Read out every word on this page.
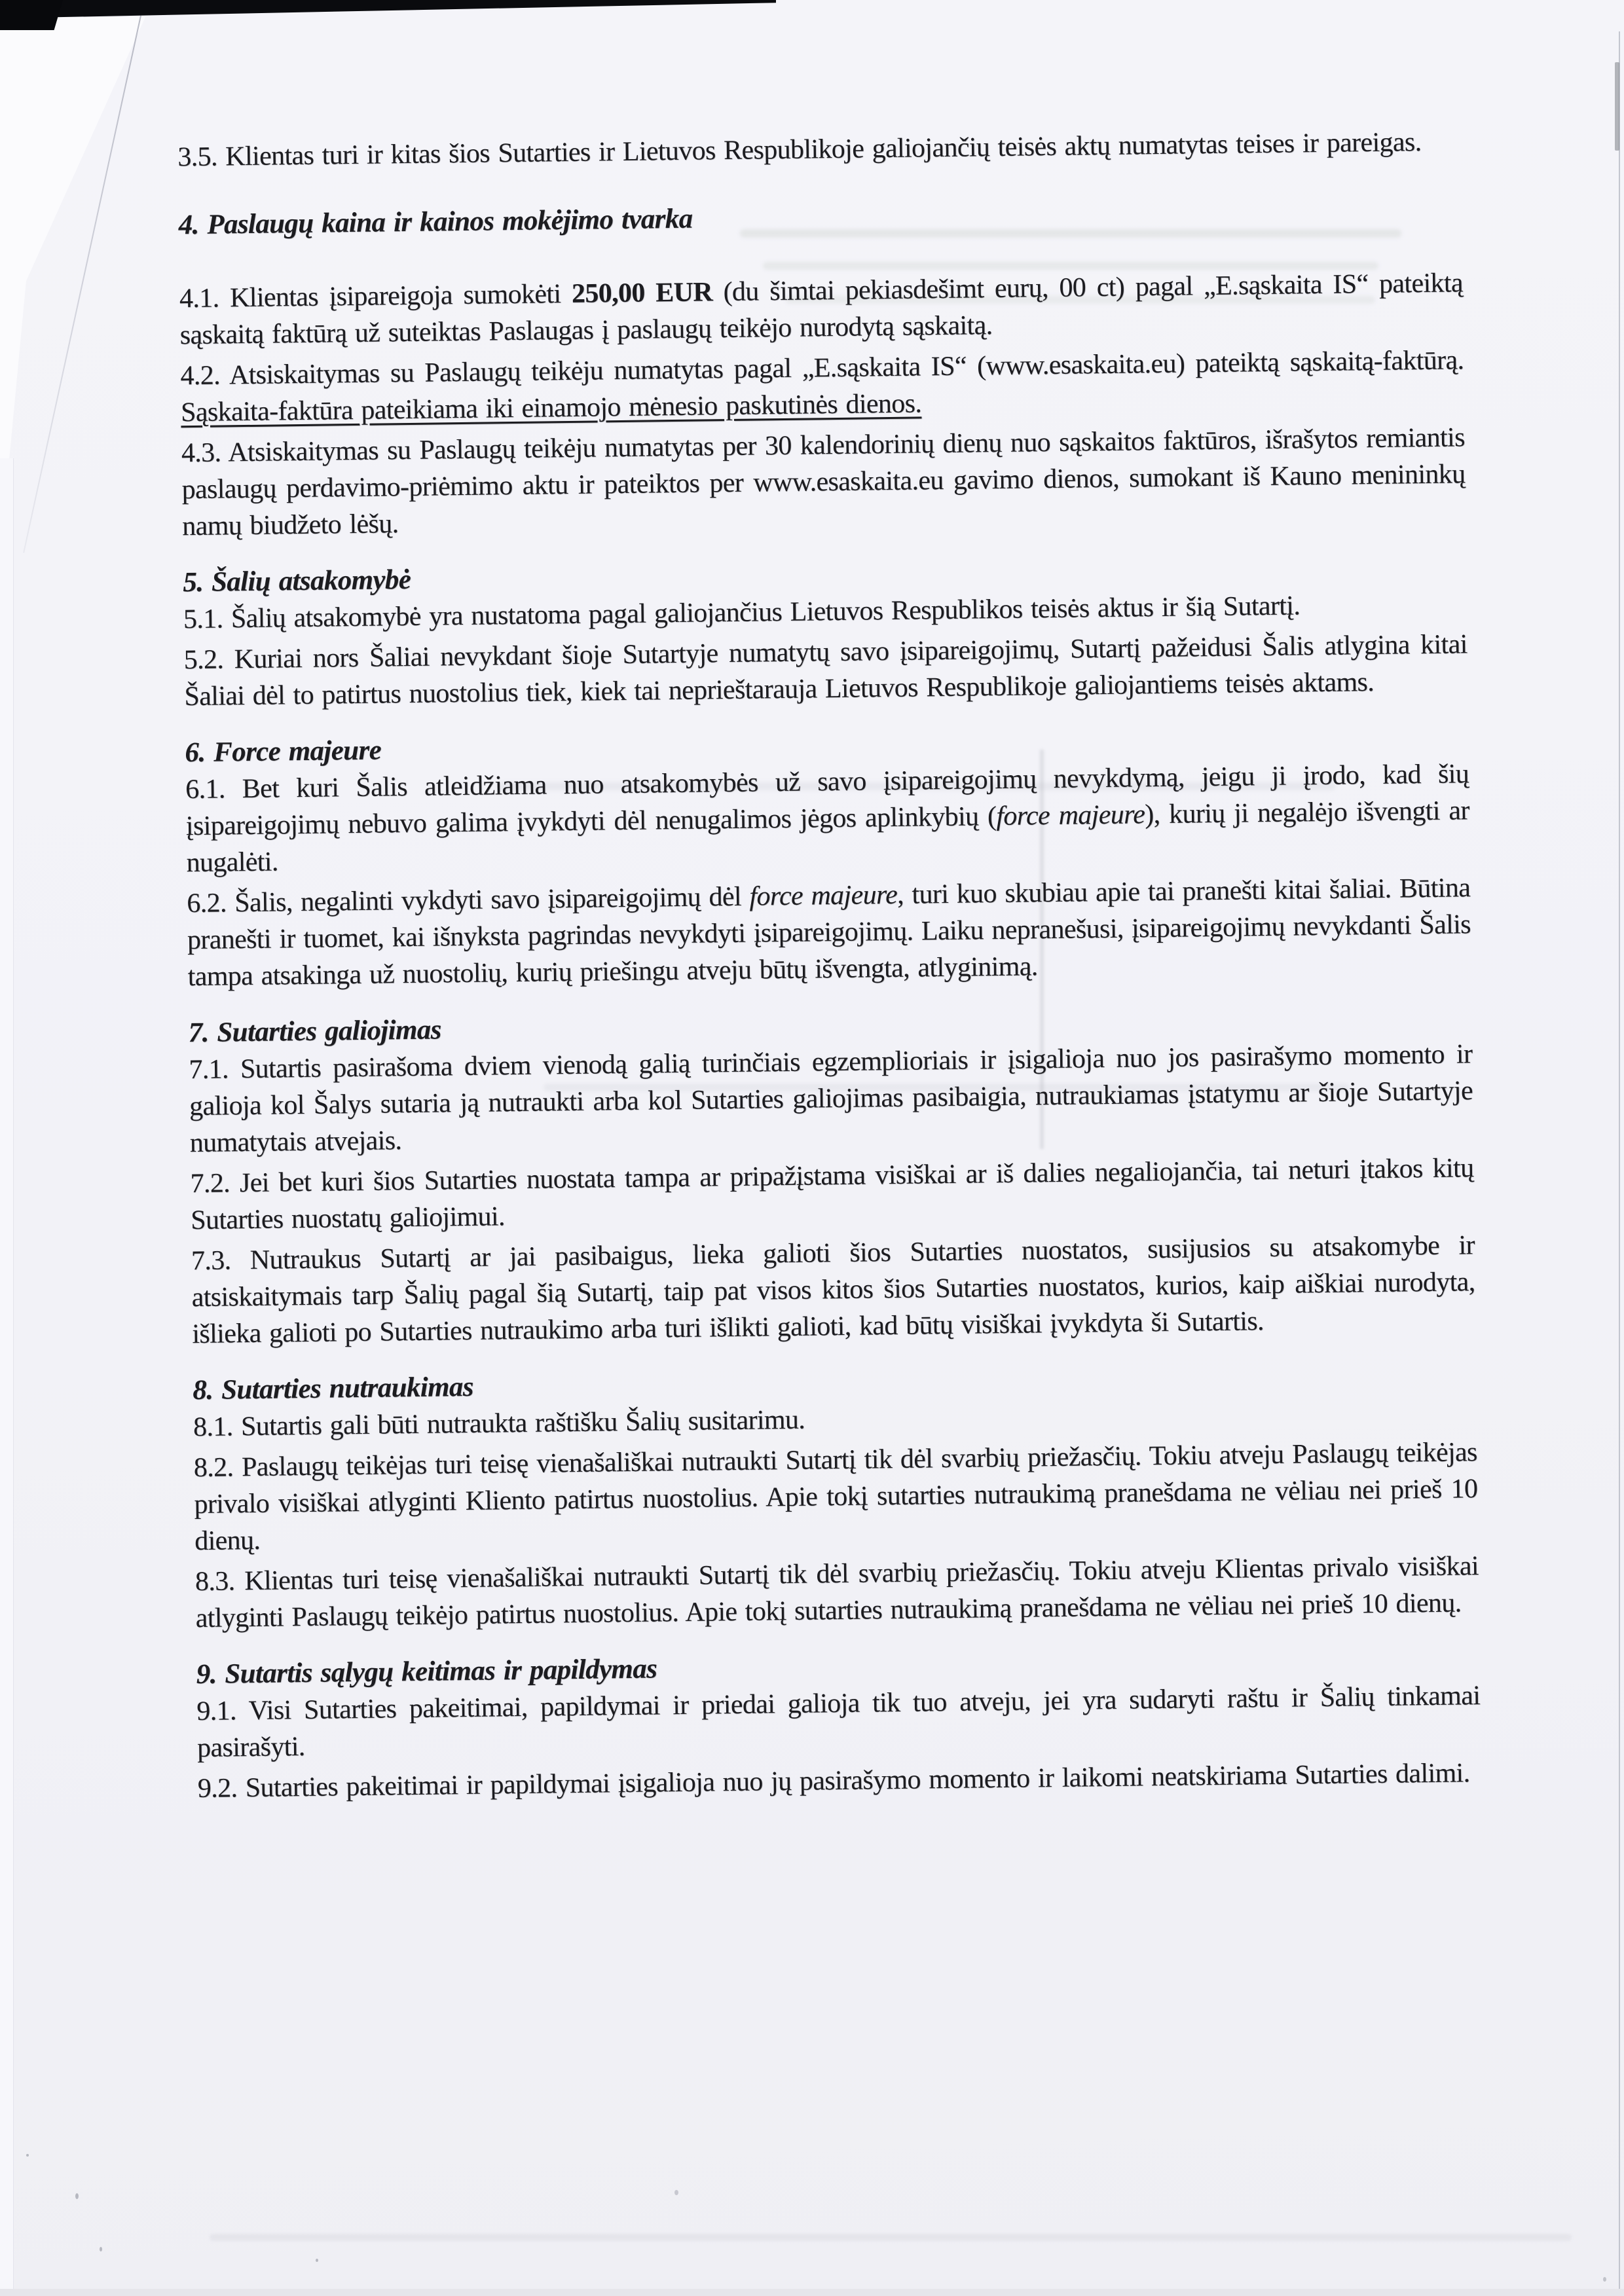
3.5. Klientas turi ir kitas šios Sutarties ir Lietuvos Respublikoje galiojančių teisės aktų numatytas teises ir pareigas.

4. Paslaugų kaina ir kainos mokėjimo tvarka

4.1. Klientas įsipareigoja sumokėti 250,00 EUR (du šimtai pekiasdešimt eurų, 00 ct) pagal „E.sąskaita IS“ pateiktą sąskaitą faktūrą už suteiktas Paslaugas į paslaugų teikėjo nurodytą sąskaitą.

4.2. Atsiskaitymas su Paslaugų teikėju numatytas pagal „E.sąskaita IS“ (www.esaskaita.eu) pateiktą sąskaitą-faktūrą. Sąskaita-faktūra pateikiama iki einamojo mėnesio paskutinės dienos.

4.3. Atsiskaitymas su Paslaugų teikėju numatytas per 30 kalendorinių dienų nuo sąskaitos faktūros, išrašytos remiantis paslaugų perdavimo-priėmimo aktu ir pateiktos per www.esaskaita.eu gavimo dienos, sumokant iš Kauno menininkų namų biudžeto lėšų.

5. Šalių atsakomybė

5.1. Šalių atsakomybė yra nustatoma pagal galiojančius Lietuvos Respublikos teisės aktus ir šią Sutartį.

5.2. Kuriai nors Šaliai nevykdant šioje Sutartyje numatytų savo įsipareigojimų, Sutartį pažeidusi Šalis atlygina kitai Šaliai dėl to patirtus nuostolius tiek, kiek tai neprieštarauja Lietuvos Respublikoje galiojantiems teisės aktams.

6. Force majeure

6.1. Bet kuri Šalis atleidžiama nuo atsakomybės už savo įsipareigojimų nevykdymą, jeigu ji įrodo, kad šių įsipareigojimų nebuvo galima įvykdyti dėl nenugalimos jėgos aplinkybių (force majeure), kurių ji negalėjo išvengti ar nugalėti.

6.2. Šalis, negalinti vykdyti savo įsipareigojimų dėl force majeure, turi kuo skubiau apie tai pranešti kitai šaliai. Būtina pranešti ir tuomet, kai išnyksta pagrindas nevykdyti įsipareigojimų. Laiku nepranešusi, įsipareigojimų nevykdanti Šalis tampa atsakinga už nuostolių, kurių priešingu atveju būtų išvengta, atlyginimą.

7. Sutarties galiojimas

7.1. Sutartis pasirašoma dviem vienodą galią turinčiais egzemplioriais ir įsigalioja nuo jos pasirašymo momento ir galioja kol Šalys sutaria ją nutraukti arba kol Sutarties galiojimas pasibaigia, nutraukiamas įstatymu ar šioje Sutartyje numatytais atvejais.

7.2. Jei bet kuri šios Sutarties nuostata tampa ar pripažįstama visiškai ar iš dalies negaliojančia, tai neturi įtakos kitų Sutarties nuostatų galiojimui.

7.3. Nutraukus Sutartį ar jai pasibaigus, lieka galioti šios Sutarties nuostatos, susijusios su atsakomybe ir atsiskaitymais tarp Šalių pagal šią Sutartį, taip pat visos kitos šios Sutarties nuostatos, kurios, kaip aiškiai nurodyta, išlieka galioti po Sutarties nutraukimo arba turi išlikti galioti, kad būtų visiškai įvykdyta ši Sutartis.

8. Sutarties nutraukimas

8.1. Sutartis gali būti nutraukta raštišku Šalių susitarimu.

8.2. Paslaugų teikėjas turi teisę vienašališkai nutraukti Sutartį tik dėl svarbių priežasčių. Tokiu atveju Paslaugų teikėjas privalo visiškai atlyginti Kliento patirtus nuostolius. Apie tokį sutarties nutraukimą pranešdama ne vėliau nei prieš 10 dienų.

8.3. Klientas turi teisę vienašališkai nutraukti Sutartį tik dėl svarbių priežasčių. Tokiu atveju Klientas privalo visiškai atlyginti Paslaugų teikėjo patirtus nuostolius. Apie tokį sutarties nutraukimą pranešdama ne vėliau nei prieš 10 dienų.

9. Sutartis sąlygų keitimas ir papildymas

9.1. Visi Sutarties pakeitimai, papildymai ir priedai galioja tik tuo atveju, jei yra sudaryti raštu ir Šalių tinkamai pasirašyti.

9.2. Sutarties pakeitimai ir papildymai įsigalioja nuo jų pasirašymo momento ir laikomi neatskiriama Sutarties dalimi.
